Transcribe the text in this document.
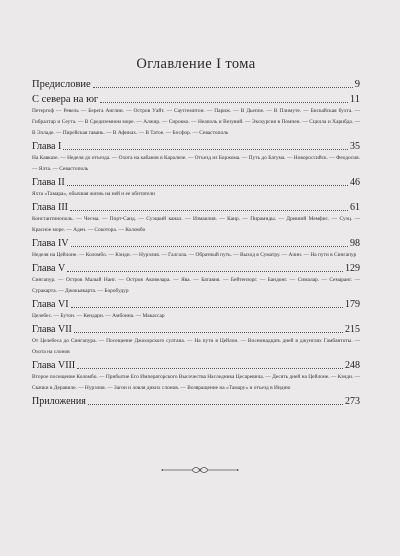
Оглавление I тома
Предисловие	9
С севера на юг	11
Петергоф — Ревель — Берега Англии. — Остров Уайт. — Саутгемптон. — Париж. — В Дьеппе. — В Плимуте. — Бискайская бухта. — Гибралтар и Сеута. — В Средиземном море. — Алжир. — Сирокко. — Неаполь и Везувий. — Экскурсия в Помпеи. — Сцилла и Харибда. — В Элладе. — Пирейская гавань. — В Афинах. — В Татое. — Босфор. — Севастополь
Глава I	35
На Кавказе. — Неделя до отъезда. — Охота на кабанов в Карализе. — Отъезд из Боржома. — Путь до Батума. — Новороссийск. — Феодосия. — Ялта. — Севастополь
Глава II	46
Яхта «Тамара», обычная жизнь на ней и ее обитатели
Глава III	61
Константинополь. — Чесма. — Порт-Саид. — Суэцкий канал. — Измаилия. — Каир. — Пирамиды. — Древний Мемфис. — Суэц. — Красное море. — Аден. — Сокотора. — Коломбо
Глава IV	98
Неделя на Цейлоне. — Коломбо. — Кэнди. — Нурэлия. — Галгала. — Обратный путь. — Выход в Суматру. — Ачин. — На пути в Сингапур
Глава V	129
Сингапур. — Остров Малый Нанг. — Остров Аковелара. — Ява. — Батавия. — Бейтензорг. — Бандонг. — Сималар. — Семаранг. — Суракарта. — Джокьякарта. — Боробудур
Глава VI	179
Целебес. — Бутон. — Кендари. — Амбоина. — Макассар
Глава VII	215
От Целебеса до Сингапура. — Посещение Джохорского султана. — На пути в Цейлон. — Восемнадцать дней в джунглях Гамбантоты. — Охота на слонов
Глава VIII	248
Второе посещение Коломбо. — Прибытие Его Императорского Высочества Наследника Цесаревича. — Десять дней на Цейлоне. — Кэнди. — Скачки в Деравиле. — Нурэлия. — Загон и ловля диких слонов. — Возвращение на «Тамару» и отъезд в Индию
Приложения	273
